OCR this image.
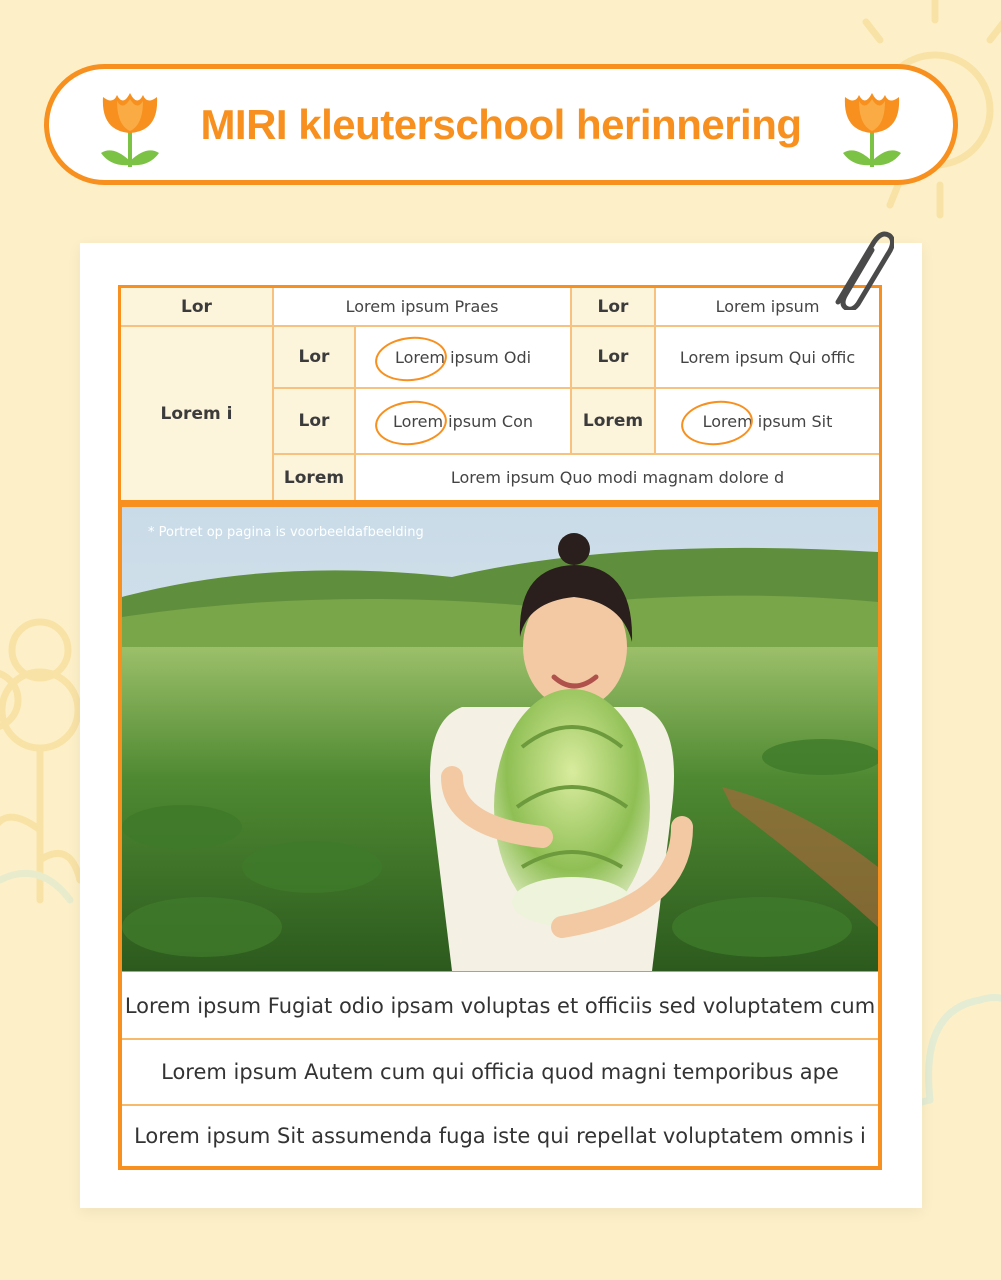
MIRI kleuterschool herinnering
Lor	Lorem ipsum Praes	Lor	Lorem ipsum
Lorem i
Lor	Lorem ipsum Odi	Lor	Lorem ipsum Qui offic
Lor	Lorem ipsum Con	Lorem	Lorem ipsum Sit
Lorem	Lorem ipsum Quo modi magnam dolore d
* Portret op pagina is voorbeeldafbeelding
Lorem ipsum Fugiat odio ipsam voluptas et officiis sed voluptatem cum
Lorem ipsum Autem cum qui officia quod magni temporibus ape
Lorem ipsum Sit assumenda fuga iste qui repellat voluptatem omnis i
